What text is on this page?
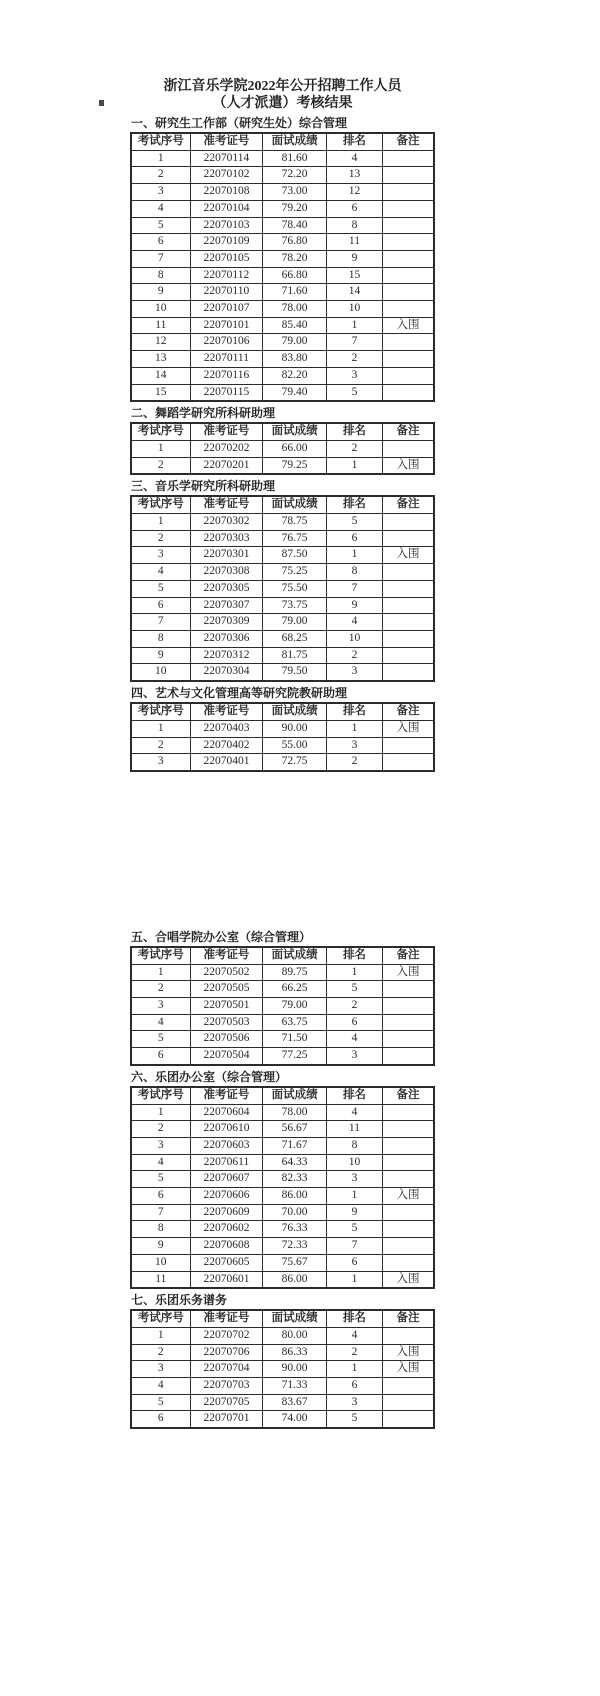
浙江音乐学院2022年公开招聘工作人员
（人才派遣）考核结果
一、研究生工作部（研究生处）综合管理
考试序号	准考证号	面试成绩	排名	备注
1	22070114	81.60	4	
2	22070102	72.20	13	
3	22070108	73.00	12	
4	22070104	79.20	6	
5	22070103	78.40	8	
6	22070109	76.80	11	
7	22070105	78.20	9	
8	22070112	66.80	15	
9	22070110	71.60	14	
10	22070107	78.00	10	
11	22070101	85.40	1	入围
12	22070106	79.00	7	
13	22070111	83.80	2	
14	22070116	82.20	3	
15	22070115	79.40	5	
二、舞蹈学研究所科研助理
考试序号	准考证号	面试成绩	排名	备注
1	22070202	66.00	2	
2	22070201	79.25	1	入围
三、音乐学研究所科研助理
考试序号	准考证号	面试成绩	排名	备注
1	22070302	78.75	5	
2	22070303	76.75	6	
3	22070301	87.50	1	入围
4	22070308	75.25	8	
5	22070305	75.50	7	
6	22070307	73.75	9	
7	22070309	79.00	4	
8	22070306	68.25	10	
9	22070312	81.75	2	
10	22070304	79.50	3	
四、艺术与文化管理高等研究院教研助理
考试序号	准考证号	面试成绩	排名	备注
1	22070403	90.00	1	入围
2	22070402	55.00	3	
3	22070401	72.75	2	
五、合唱学院办公室（综合管理）
考试序号	准考证号	面试成绩	排名	备注
1	22070502	89.75	1	入围
2	22070505	66.25	5	
3	22070501	79.00	2	
4	22070503	63.75	6	
5	22070506	71.50	4	
6	22070504	77.25	3	
六、乐团办公室（综合管理）
考试序号	准考证号	面试成绩	排名	备注
1	22070604	78.00	4	
2	22070610	56.67	11	
3	22070603	71.67	8	
4	22070611	64.33	10	
5	22070607	82.33	3	
6	22070606	86.00	1	入围
7	22070609	70.00	9	
8	22070602	76.33	5	
9	22070608	72.33	7	
10	22070605	75.67	6	
11	22070601	86.00	1	入围
七、乐团乐务谱务
考试序号	准考证号	面试成绩	排名	备注
1	22070702	80.00	4	
2	22070706	86.33	2	入围
3	22070704	90.00	1	入围
4	22070703	71.33	6	
5	22070705	83.67	3	
6	22070701	74.00	5	
